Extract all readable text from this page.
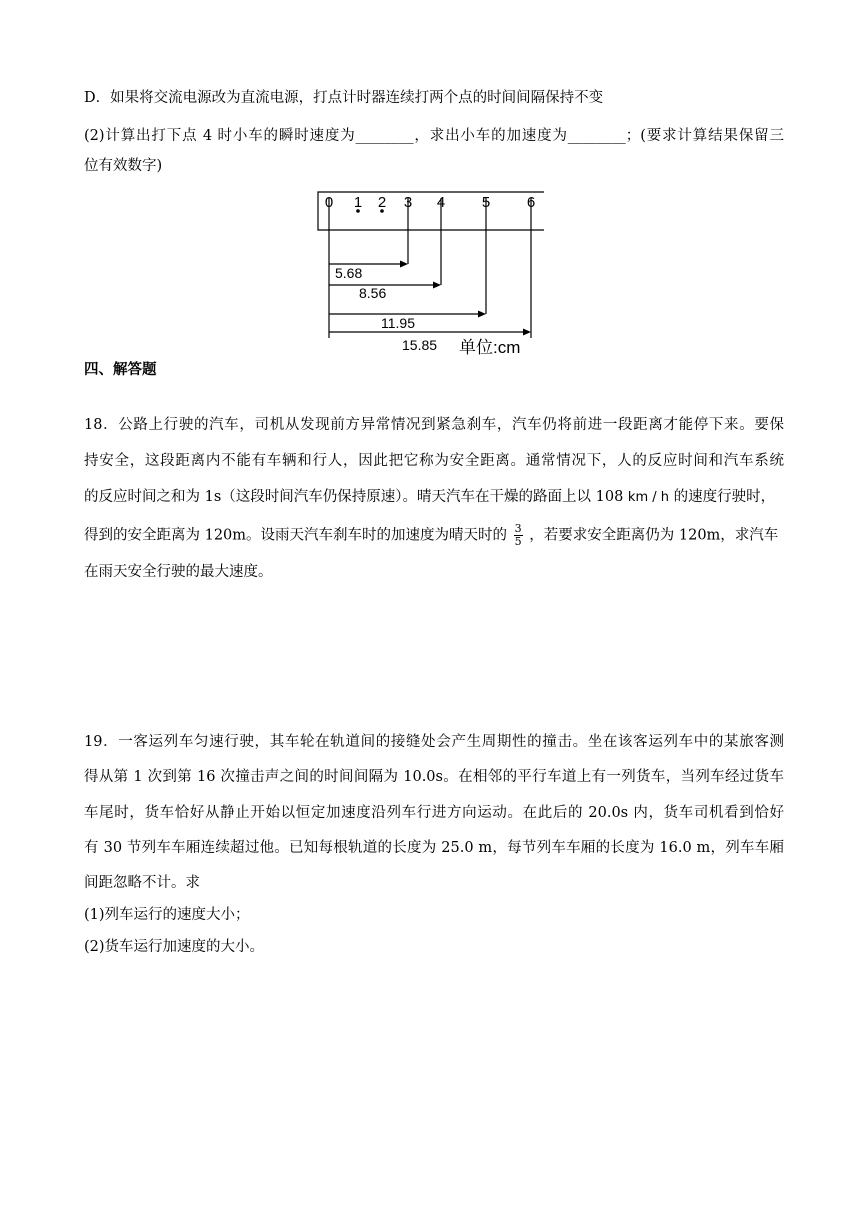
D．如果将交流电源改为直流电源，打点计时器连续打两个点的时间间隔保持不变
(2)计算出打下点 4 时小车的瞬时速度为________，求出小车的加速度为________；(要求计算结果保留三
位有效数字)
0 1 2 3 4 5 6
5.68
8.56
11.95
15.85 单位:cm
四、解答题
18．公路上行驶的汽车，司机从发现前方异常情况到紧急刹车，汽车仍将前进一段距离才能停下来。要保
持安全，这段距离内不能有车辆和行人，因此把它称为安全距离。通常情况下，人的反应时间和汽车系统
的反应时间之和为 1s（这段时间汽车仍保持原速）。晴天汽车在干燥的路面上以 108 km / h 的速度行驶时，
得到的安全距离为 120m。设雨天汽车刹车时的加速度为晴天时的 $\frac{3}{5}$ ，若要求安全距离仍为 120m，求汽车
在雨天安全行驶的最大速度。
19．一客运列车匀速行驶，其车轮在轨道间的接缝处会产生周期性的撞击。坐在该客运列车中的某旅客测
得从第 1 次到第 16 次撞击声之间的时间间隔为 10.0s。在相邻的平行车道上有一列货车，当列车经过货车
车尾时，货车恰好从静止开始以恒定加速度沿列车行进方向运动。在此后的 20.0s 内，货车司机看到恰好
有 30 节列车车厢连续超过他。已知每根轨道的长度为 25.0 m，每节列车车厢的长度为 16.0 m，列车车厢
间距忽略不计。求
(1)列车运行的速度大小；
(2)货车运行加速度的大小。
